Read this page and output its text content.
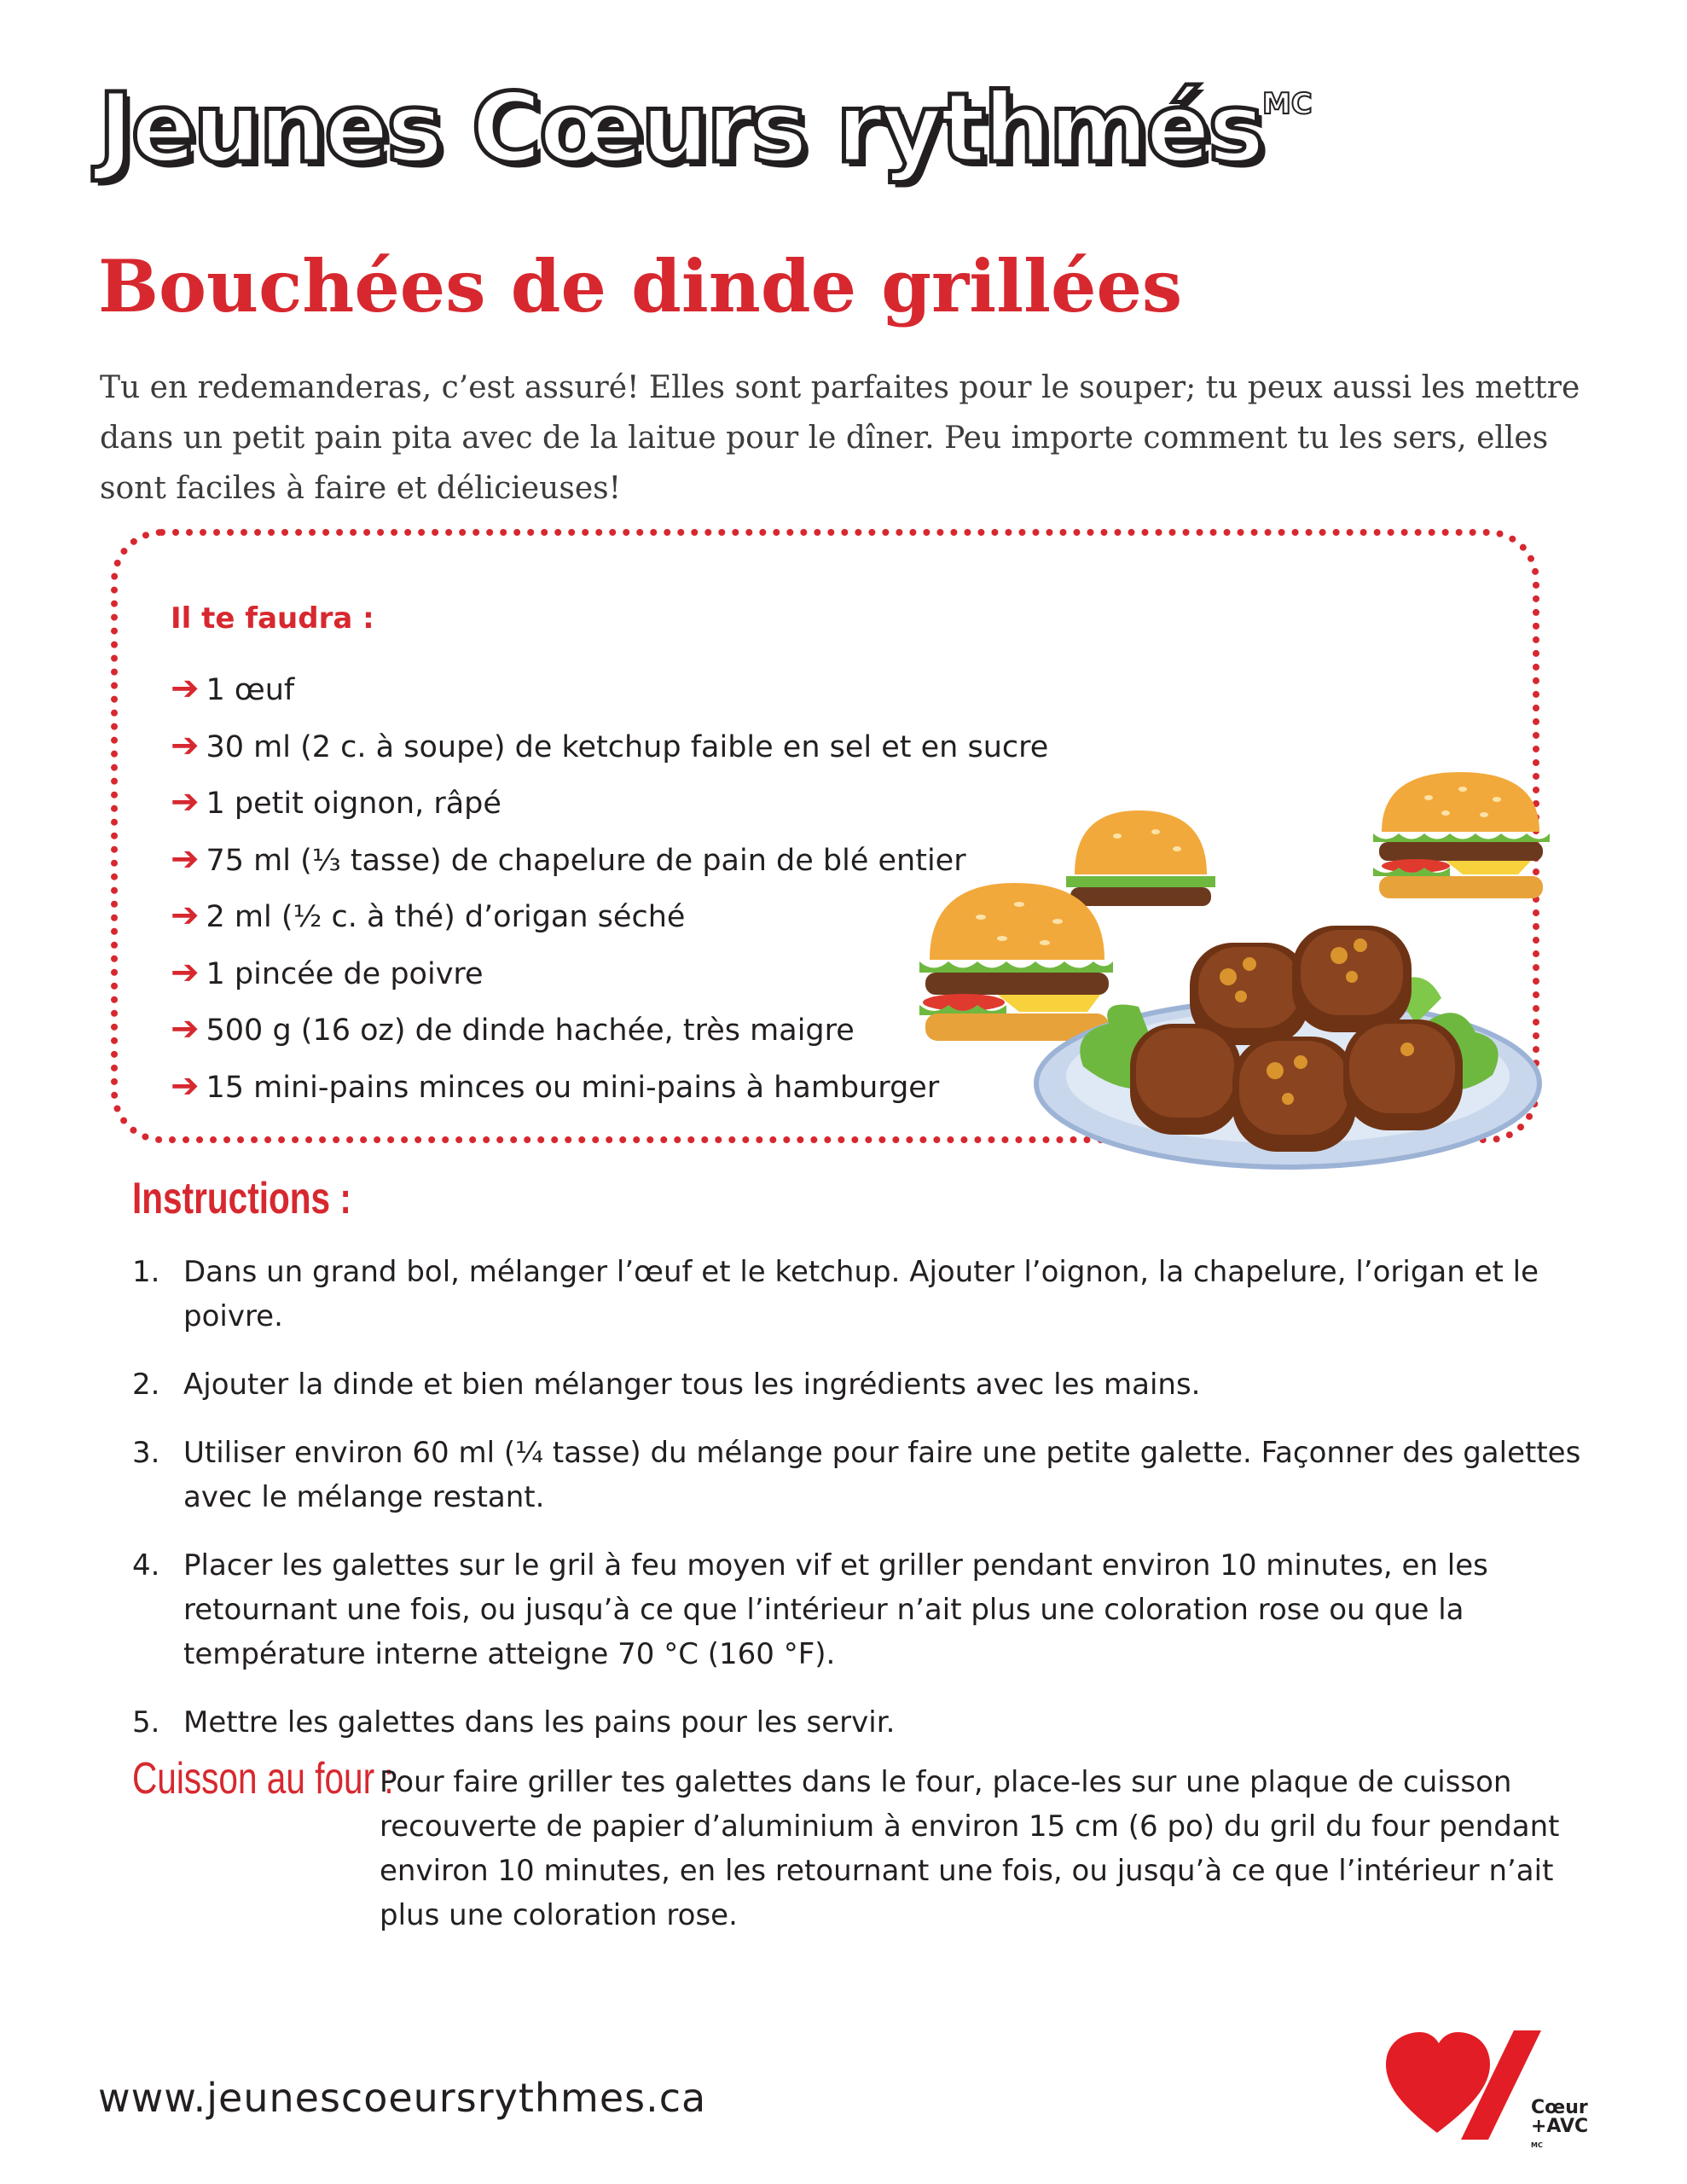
Jeunes Cœurs rythmés$^{MC}$
Bouchées de dinde grillées

Tu en redemanderas, c’est assuré! Elles sont parfaites pour le souper; tu peux aussi les mettre dans un petit pain pita avec de la laitue pour le dîner. Peu importe comment tu les sers, elles sont faciles à faire et délicieuses!

Il te faudra :
➔ 1 œuf
➔ 30 ml (2 c. à soupe) de ketchup faible en sel et en sucre
➔ 1 petit oignon, râpé
➔ 75 ml (⅓ tasse) de chapelure de pain de blé entier
➔ 2 ml (½ c. à thé) d’origan séché
➔ 1 pincée de poivre
➔ 500 g (16 oz) de dinde hachée, très maigre
➔ 15 mini-pains minces ou mini-pains à hamburger
Instructions :
1. Dans un grand bol, mélanger l’œuf et le ketchup. Ajouter l’oignon, la chapelure, l’origan et le poivre.
2. Ajouter la dinde et bien mélanger tous les ingrédients avec les mains.
3. Utiliser environ 60 ml (¼ tasse) du mélange pour faire une petite galette. Façonner des galettes avec le mélange restant.
4. Placer les galettes sur le gril à feu moyen vif et griller pendant environ 10 minutes, en les retournant une fois, ou jusqu’à ce que l’intérieur n’ait plus une coloration rose ou que la température interne atteigne 70 °C (160 °F).
5. Mettre les galettes dans les pains pour les servir.
Cuisson au four :

Pour faire griller tes galettes dans le four, place-les sur une plaque de cuisson recouverte de papier d’aluminium à environ 15 cm (6 po) du gril du four pendant environ 10 minutes, en les retournant une fois, ou jusqu’à ce que l’intérieur n’ait plus une coloration rose.

www.jeunescoeursrythmes.ca	Cœur
+AVC
$^{MC}$
